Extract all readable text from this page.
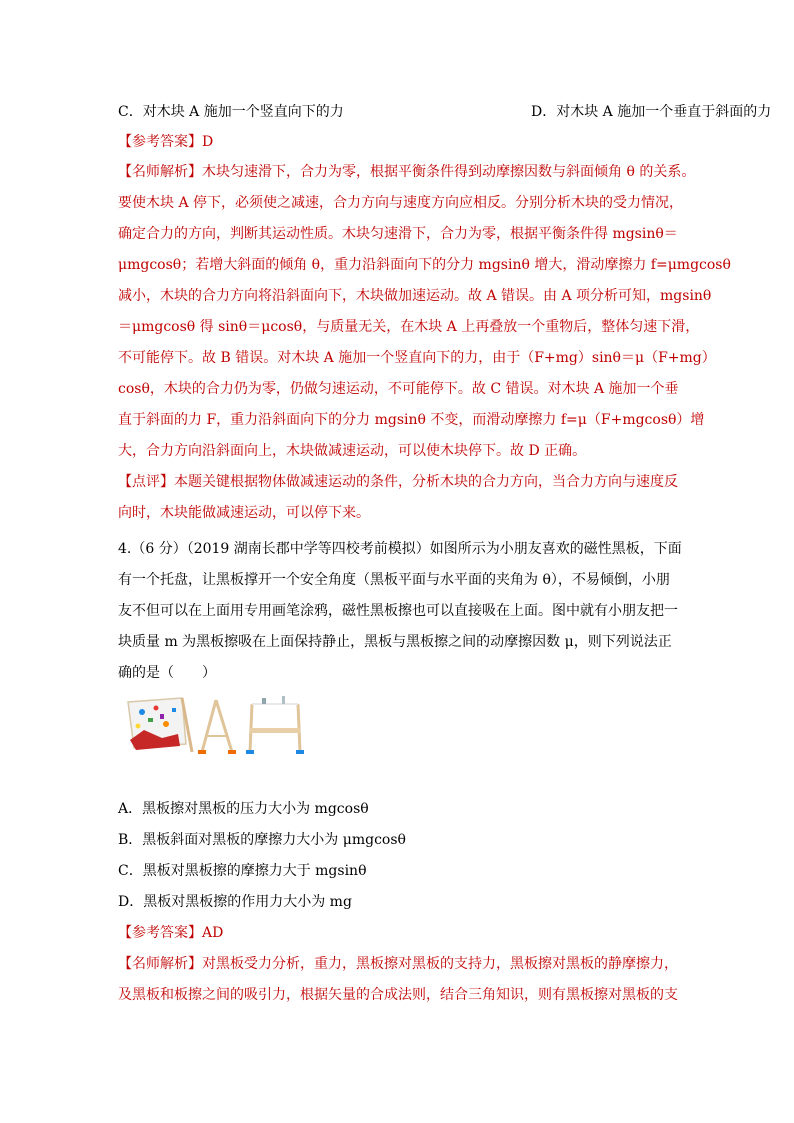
C．对木块 A 施加一个竖直向下的力	D．对木块 A 施加一个垂直于斜面的力
【参考答案】D
【名师解析】木块匀速滑下，合力为零，根据平衡条件得到动摩擦因数与斜面倾角 θ 的关系。
要使木块 A 停下，必须使之减速，合力方向与速度方向应相反。分别分析木块的受力情况，
确定合力的方向，判断其运动性质。木块匀速滑下，合力为零，根据平衡条件得 mgsinθ＝
μmgcosθ；若增大斜面的倾角 θ，重力沿斜面向下的分力 mgsinθ 增大，滑动摩擦力 f=μmgcosθ
减小，木块的合力方向将沿斜面向下，木块做加速运动。故 A 错误。由 A 项分析可知，mgsinθ
＝μmgcosθ 得 sinθ＝μcosθ，与质量无关，在木块 A 上再叠放一个重物后，整体匀速下滑，
不可能停下。故 B 错误。对木块 A 施加一个竖直向下的力，由于（F+mg）sinθ＝μ（F+mg）
cosθ，木块的合力仍为零，仍做匀速运动，不可能停下。故 C 错误。对木块 A 施加一个垂
直于斜面的力 F，重力沿斜面向下的分力 mgsinθ 不变，而滑动摩擦力 f=μ（F+mgcosθ）增
大，合力方向沿斜面向上，木块做减速运动，可以使木块停下。故 D 正确。
【点评】本题关键根据物体做减速运动的条件，分析木块的合力方向，当合力方向与速度反
向时，木块能做减速运动，可以停下来。
4.（6 分）（2019 湖南长郡中学等四校考前模拟）如图所示为小朋友喜欢的磁性黑板，下面
有一个托盘，让黑板撑开一个安全角度（黑板平面与水平面的夹角为 θ），不易倾倒，小朋
友不但可以在上面用专用画笔涂鸦，磁性黑板擦也可以直接吸在上面。图中就有小朋友把一
块质量 m 为黑板擦吸在上面保持静止，黑板与黑板擦之间的动摩擦因数 μ，则下列说法正
确的是（　　）
A．黑板擦对黑板的压力大小为 mgcosθ
B．黑板斜面对黑板的摩擦力大小为 μmgcosθ
C．黑板对黑板擦的摩擦力大于 mgsinθ
D．黑板对黑板擦的作用力大小为 mg
【参考答案】AD
【名师解析】对黑板受力分析，重力，黑板擦对黑板的支持力，黑板擦对黑板的静摩擦力，
及黑板和板擦之间的吸引力，根据矢量的合成法则，结合三角知识，则有黑板擦对黑板的支
